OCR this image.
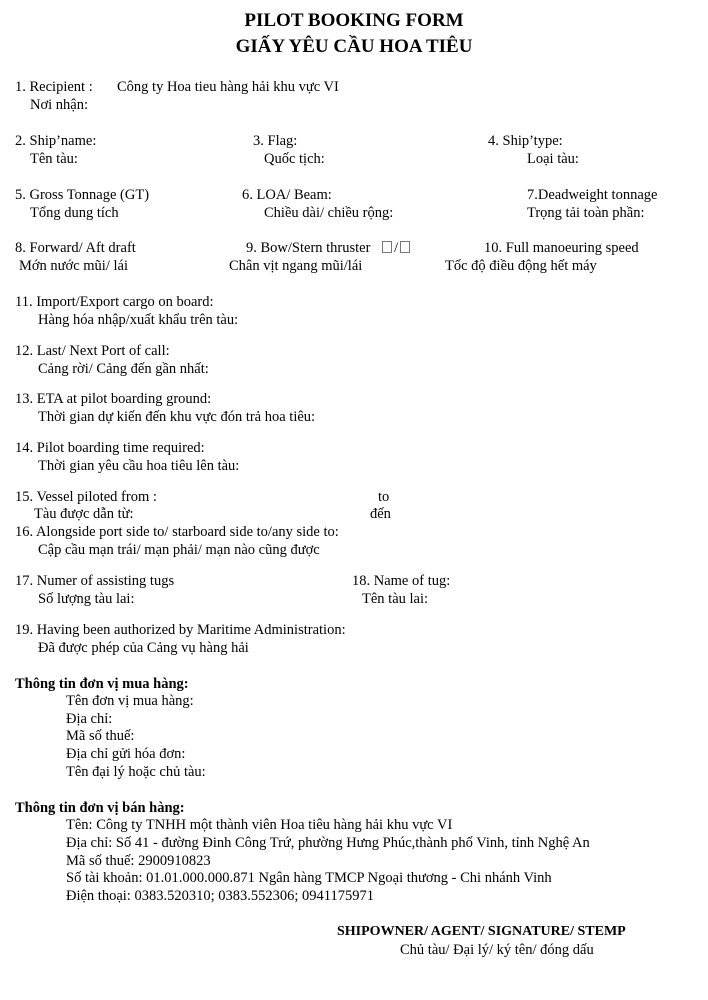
PILOT BOOKING FORM
GIẤY YÊU CẦU HOA TIÊU
1. Recipient : Công ty Hoa tieu hàng hải khu vực VI
Nơi nhận:
2. Ship’name:
Tên tàu:
3. Flag:
Quốc tịch:
4. Ship’type:
Loại tàu:
5. Gross Tonnage (GT)
Tổng dung tích
6. LOA/ Beam:
Chiều dài/ chiều rộng:
7.Deadweight tonnage
Trọng tải toàn phần:
8. Forward/ Aft draft
Mớn nước mũi/ lái
9. Bow/Stern thruster /
Chân vịt ngang mũi/lái
10. Full manoeuring speed
Tốc độ điều động hết máy
11. Import/Export cargo on board:
Hàng hóa nhập/xuất khẩu trên tàu:
12. Last/ Next Port of call:
Cảng rời/ Cảng đến gần nhất:
13. ETA at pilot boarding ground:
Thời gian dự kiến đến khu vực đón trả hoa tiêu:
14. Pilot boarding time required:
Thời gian yêu cầu hoa tiêu lên tàu:
15. Vessel piloted from :	to
Tàu được dẫn từ:	đến
16. Alongside port side to/ starboard side to/any side to:
Cập cầu mạn trái/ mạn phải/ mạn nào cũng được
17. Numer of assisting tugs
Số lượng tàu lai:
18. Name of tug:
Tên tàu lai:
19. Having been authorized by Maritime Administration:
Đã được phép của Cảng vụ hàng hải
Thông tin đơn vị mua hàng:
Tên đơn vị mua hàng:
Địa chỉ:
Mã số thuế:
Địa chỉ gửi hóa đơn:
Tên đại lý hoặc chủ tàu:
Thông tin đơn vị bán hàng:
Tên: Công ty TNHH một thành viên Hoa tiêu hàng hải khu vực VI
Địa chỉ: Số 41 - đường Đinh Công Trứ, phường Hưng Phúc,thành phố Vinh, tỉnh Nghệ An
Mã số thuế: 2900910823
Số tài khoản: 01.01.000.000.871 Ngân hàng TMCP Ngoại thương - Chi nhánh Vinh
Điện thoại: 0383.520310; 0383.552306; 0941175971
SHIPOWNER/ AGENT/ SIGNATURE/ STEMP
Chủ tàu/ Đại lý/ ký tên/ đóng dấu
